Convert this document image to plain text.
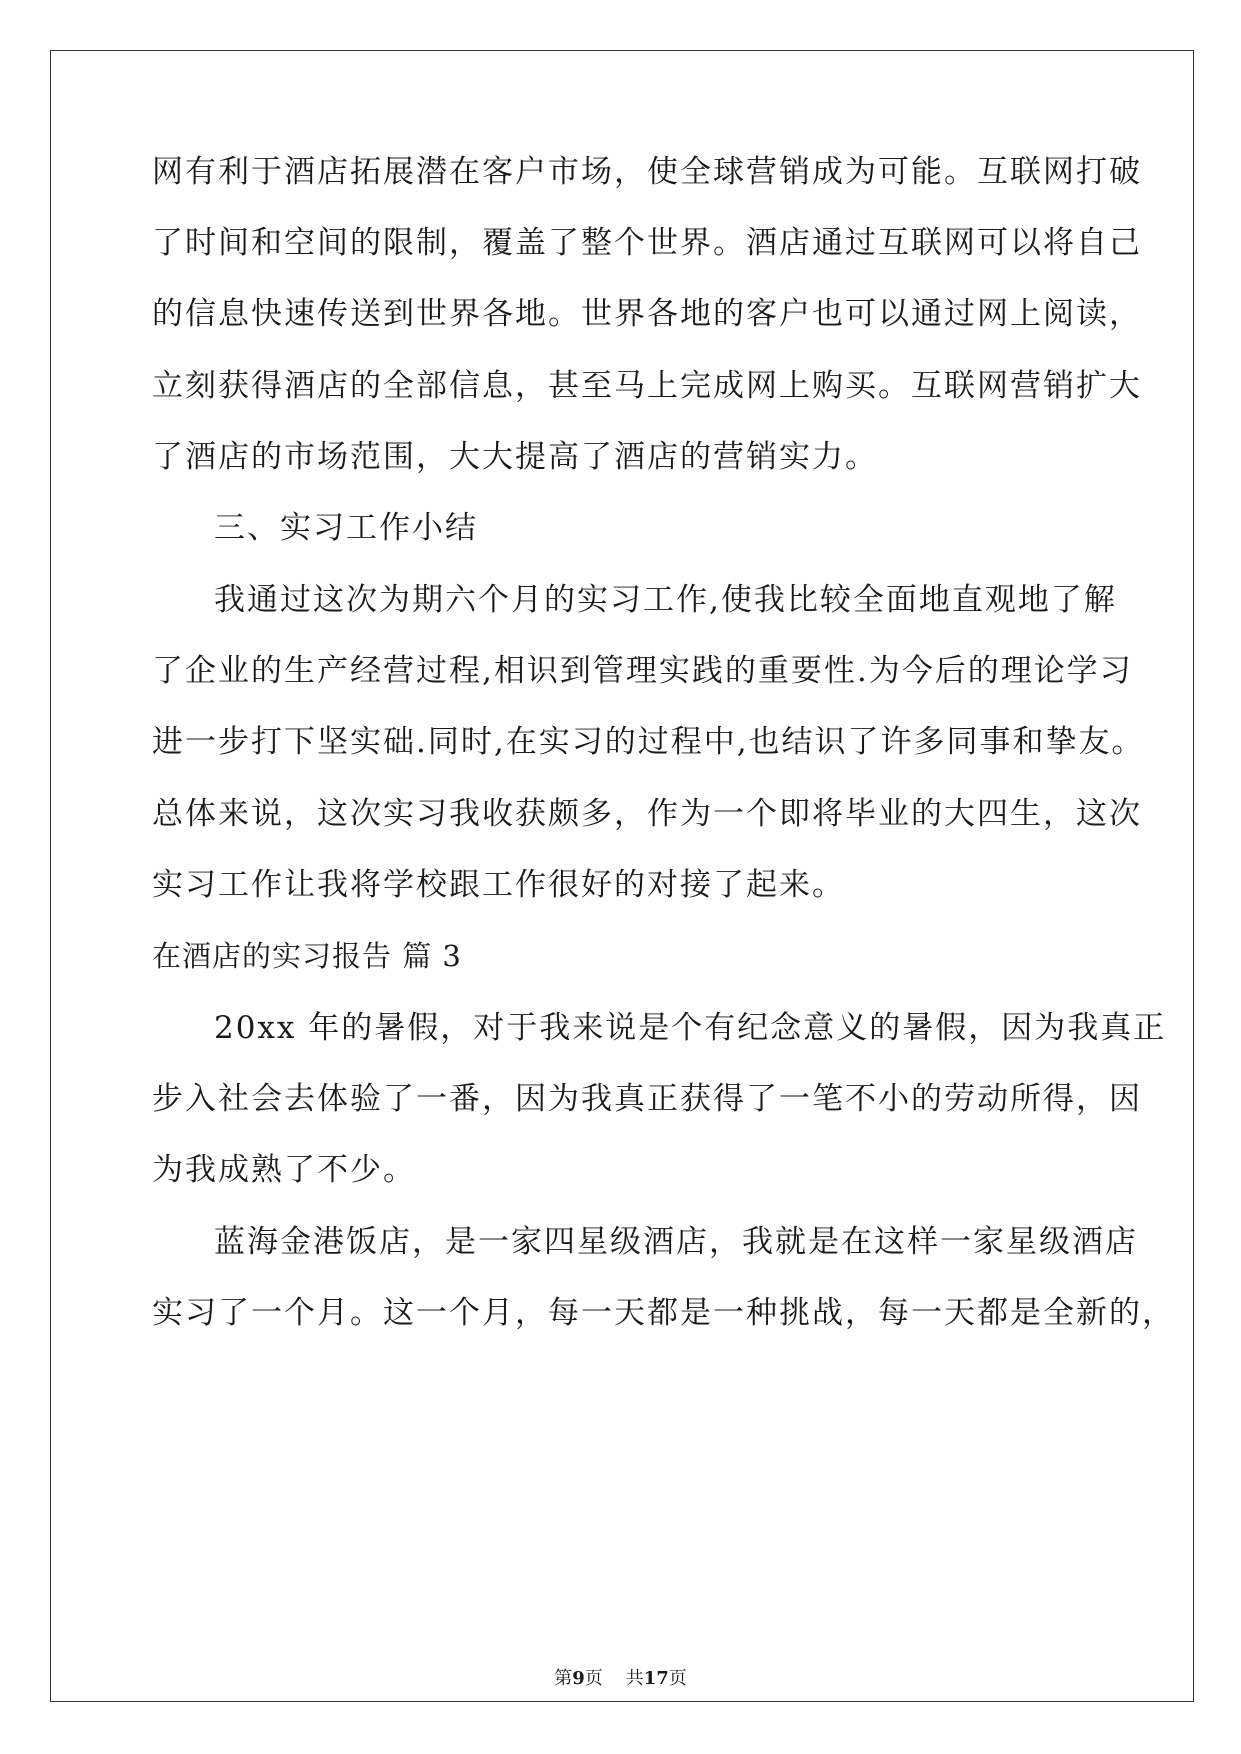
网有利于酒店拓展潜在客户市场，使全球营销成为可能。互联网打破
了时间和空间的限制，覆盖了整个世界。酒店通过互联网可以将自己
的信息快速传送到世界各地。世界各地的客户也可以通过网上阅读，
立刻获得酒店的全部信息，甚至马上完成网上购买。互联网营销扩大
了酒店的市场范围，大大提高了酒店的营销实力。
三、实习工作小结
我通过这次为期六个月的实习工作,使我比较全面地直观地了解
了企业的生产经营过程,相识到管理实践的重要性.为今后的理论学习
进一步打下坚实础.同时,在实习的过程中,也结识了许多同事和挚友。
总体来说，这次实习我收获颇多，作为一个即将毕业的大四生，这次
实习工作让我将学校跟工作很好的对接了起来。
在酒店的实习报告 篇 3
20xx 年的暑假，对于我来说是个有纪念意义的暑假，因为我真正
步入社会去体验了一番，因为我真正获得了一笔不小的劳动所得，因
为我成熟了不少。
蓝海金港饭店，是一家四星级酒店，我就是在这样一家星级酒店
实习了一个月。这一个月，每一天都是一种挑战，每一天都是全新的，
第9页 共17页
